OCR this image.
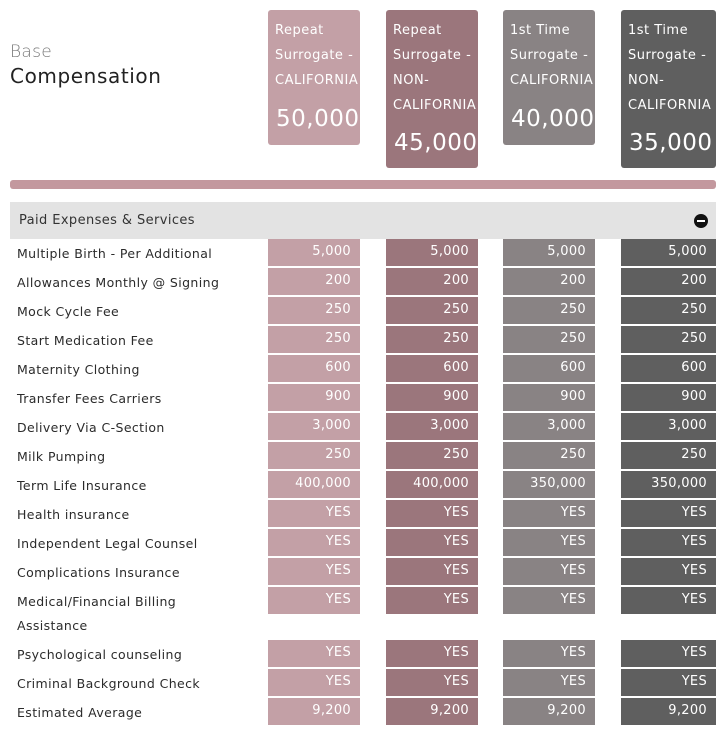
Base
Compensation
Repeat
Surrogate -
CALIFORNIA
50,000
Repeat
Surrogate -
NON-
CALIFORNIA
45,000
1st Time
Surrogate -
CALIFORNIA
40,000
1st Time
Surrogate -
NON-
CALIFORNIA
35,000
Paid Expenses & Services
Multiple Birth - Per Additional	5,000	5,000	5,000	5,000
Allowances Monthly @ Signing	200	200	200	200
Mock Cycle Fee	250	250	250	250
Start Medication Fee	250	250	250	250
Maternity Clothing	600	600	600	600
Transfer Fees Carriers	900	900	900	900
Delivery Via C-Section	3,000	3,000	3,000	3,000
Milk Pumping	250	250	250	250
Term Life Insurance	400,000	400,000	350,000	350,000
Health insurance	YES	YES	YES	YES
Independent Legal Counsel	YES	YES	YES	YES
Complications Insurance	YES	YES	YES	YES
Medical/Financial Billing
Assistance
YES	YES	YES	YES
Psychological counseling	YES	YES	YES	YES
Criminal Background Check	YES	YES	YES	YES
Estimated Average	9,200	9,200	9,200	9,200
